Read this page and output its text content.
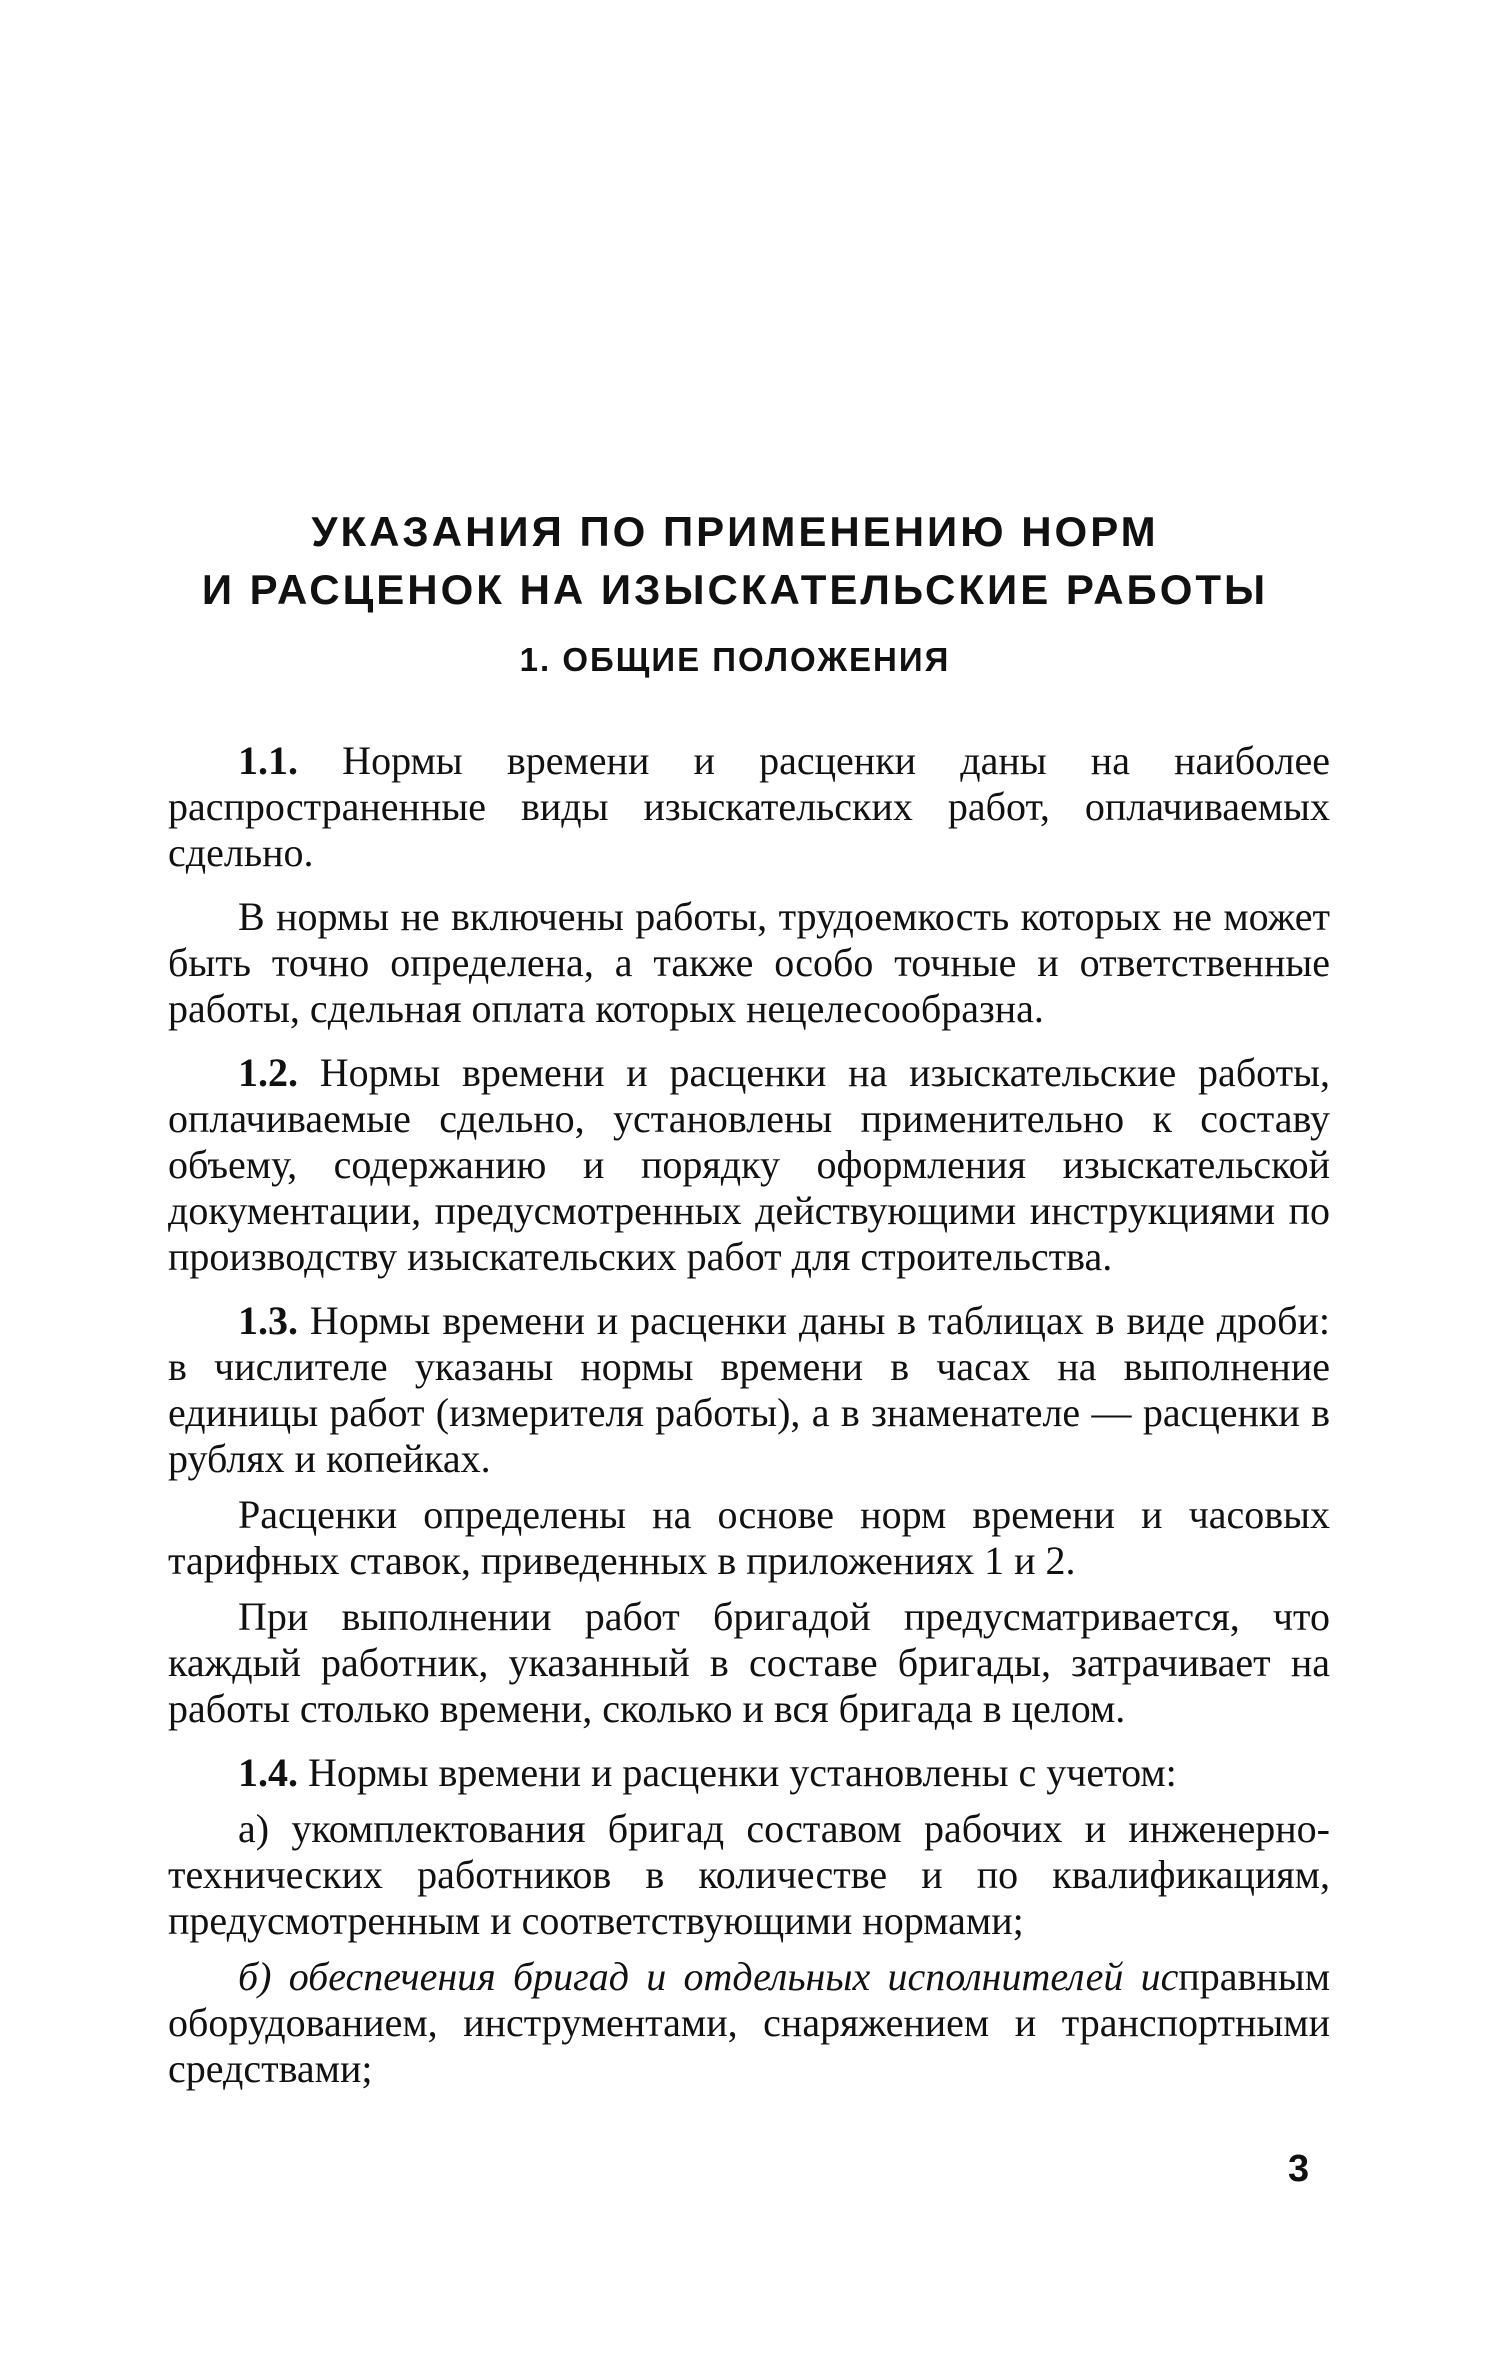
УКАЗАНИЯ ПО ПРИМЕНЕНИЮ НОРМ
И РАСЦЕНОК НА ИЗЫСКАТЕЛЬСКИЕ РАБОТЫ
1. ОБЩИЕ ПОЛОЖЕНИЯ

1.1. Нормы времени и расценки даны на наиболее распространенные виды изыскательских работ, оплачиваемых сдельно.

В нормы не включены работы, трудоемкость которых не может быть точно определена, а также особо точные и ответственные работы, сдельная оплата которых нецелесообразна.

1.2. Нормы времени и расценки на изыскательские работы, оплачиваемые сдельно, установлены применительно к составу объему, содержанию и порядку оформления изыскательской документации, предусмотренных действующими инструкциями по производству изыскательских работ для строительства.

1.3. Нормы времени и расценки даны в таблицах в виде дроби: в числителе указаны нормы времени в часах на выполнение единицы работ (измерителя работы), а в знаменателе — расценки в рублях и копейках.

Расценки определены на основе норм времени и часовых тарифных ставок, приведенных в приложениях 1 и 2.

При выполнении работ бригадой предусматривается, что каждый работник, указанный в составе бригады, затрачивает на работы столько времени, сколько и вся бригада в целом.

1.4. Нормы времени и расценки установлены с учетом:

а) укомплектования бригад составом рабочих и инженерно-технических работников в количестве и по квалификациям, предусмотренным и соответствующими нормами;

б) обеспечения бригад и отдельных исполнителей исправным оборудованием, инструментами, снаряжением и транспортными средствами;

3
